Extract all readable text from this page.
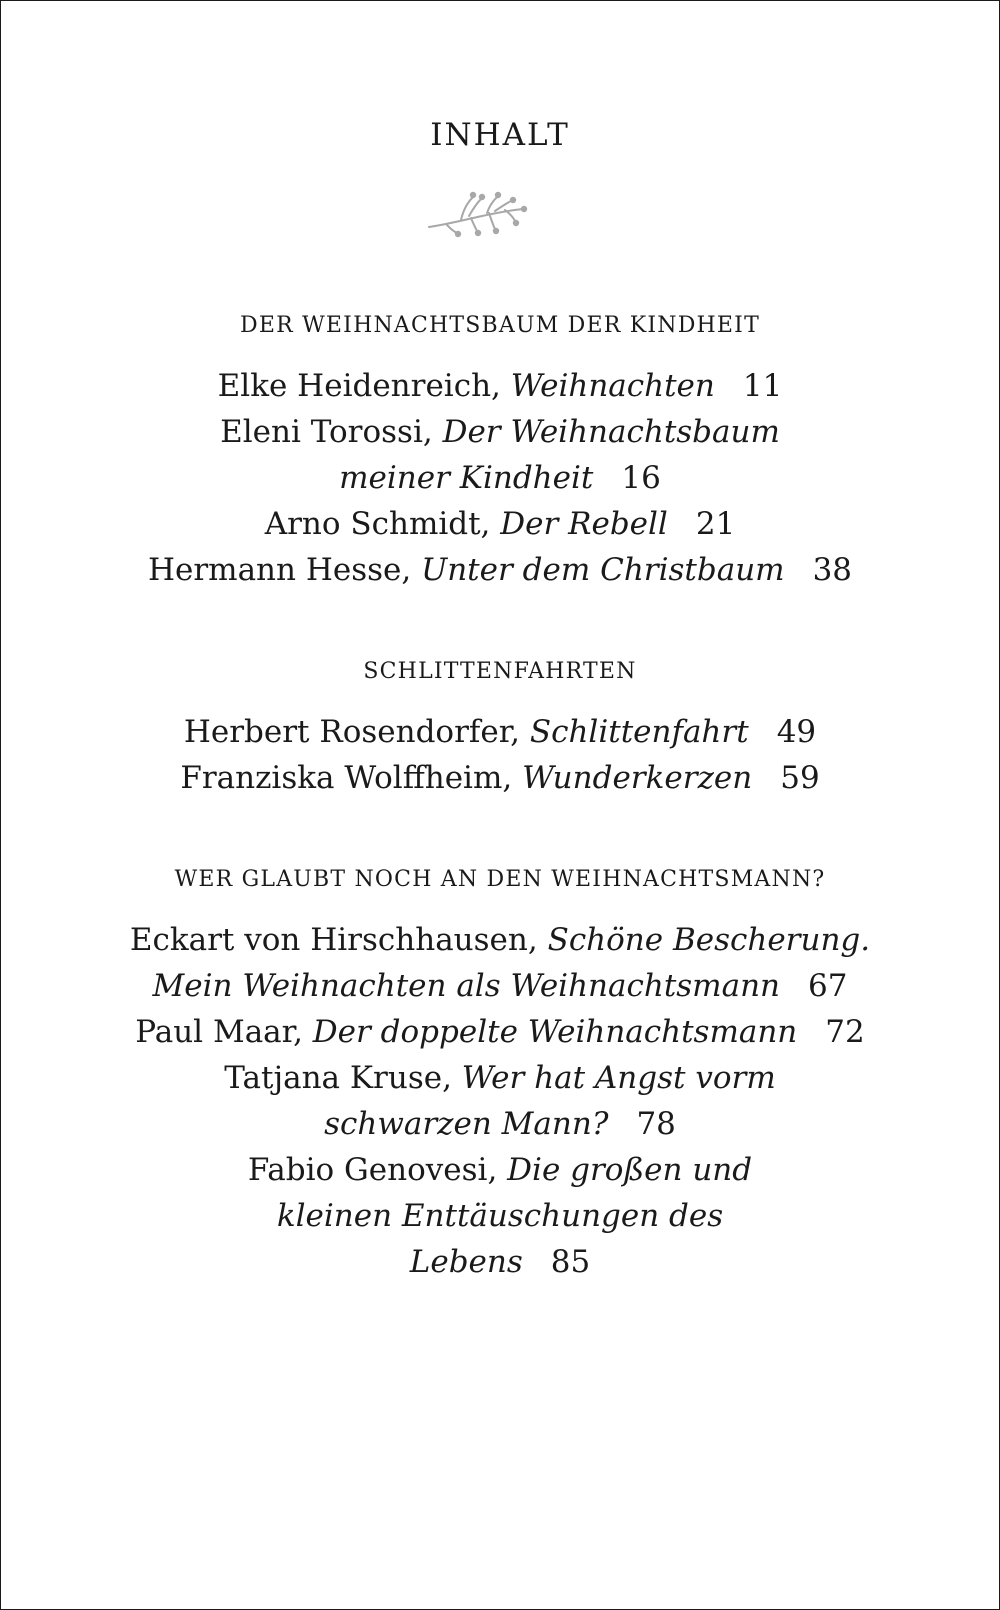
INHALT
DER WEIHNACHTSBAUM DER KINDHEIT

Elke Heidenreich, Weihnachten 11

Eleni Torossi, Der Weihnachtsbaum meiner Kindheit 16

Arno Schmidt, Der Rebell 21

Hermann Hesse, Unter dem Christbaum 38

SCHLITTENFAHRTEN

Herbert Rosendorfer, Schlittenfahrt 49

Franziska Wolffheim, Wunderkerzen 59

WER GLAUBT NOCH AN DEN WEIHNACHTSMANN?

Eckart von Hirschhausen, Schöne Bescherung. Mein Weihnachten als Weihnachtsmann 67

Paul Maar, Der doppelte Weihnachtsmann 72

Tatjana Kruse, Wer hat Angst vorm schwarzen Mann? 78

Fabio Genovesi, Die großen und kleinen Enttäuschungen des Lebens 85
